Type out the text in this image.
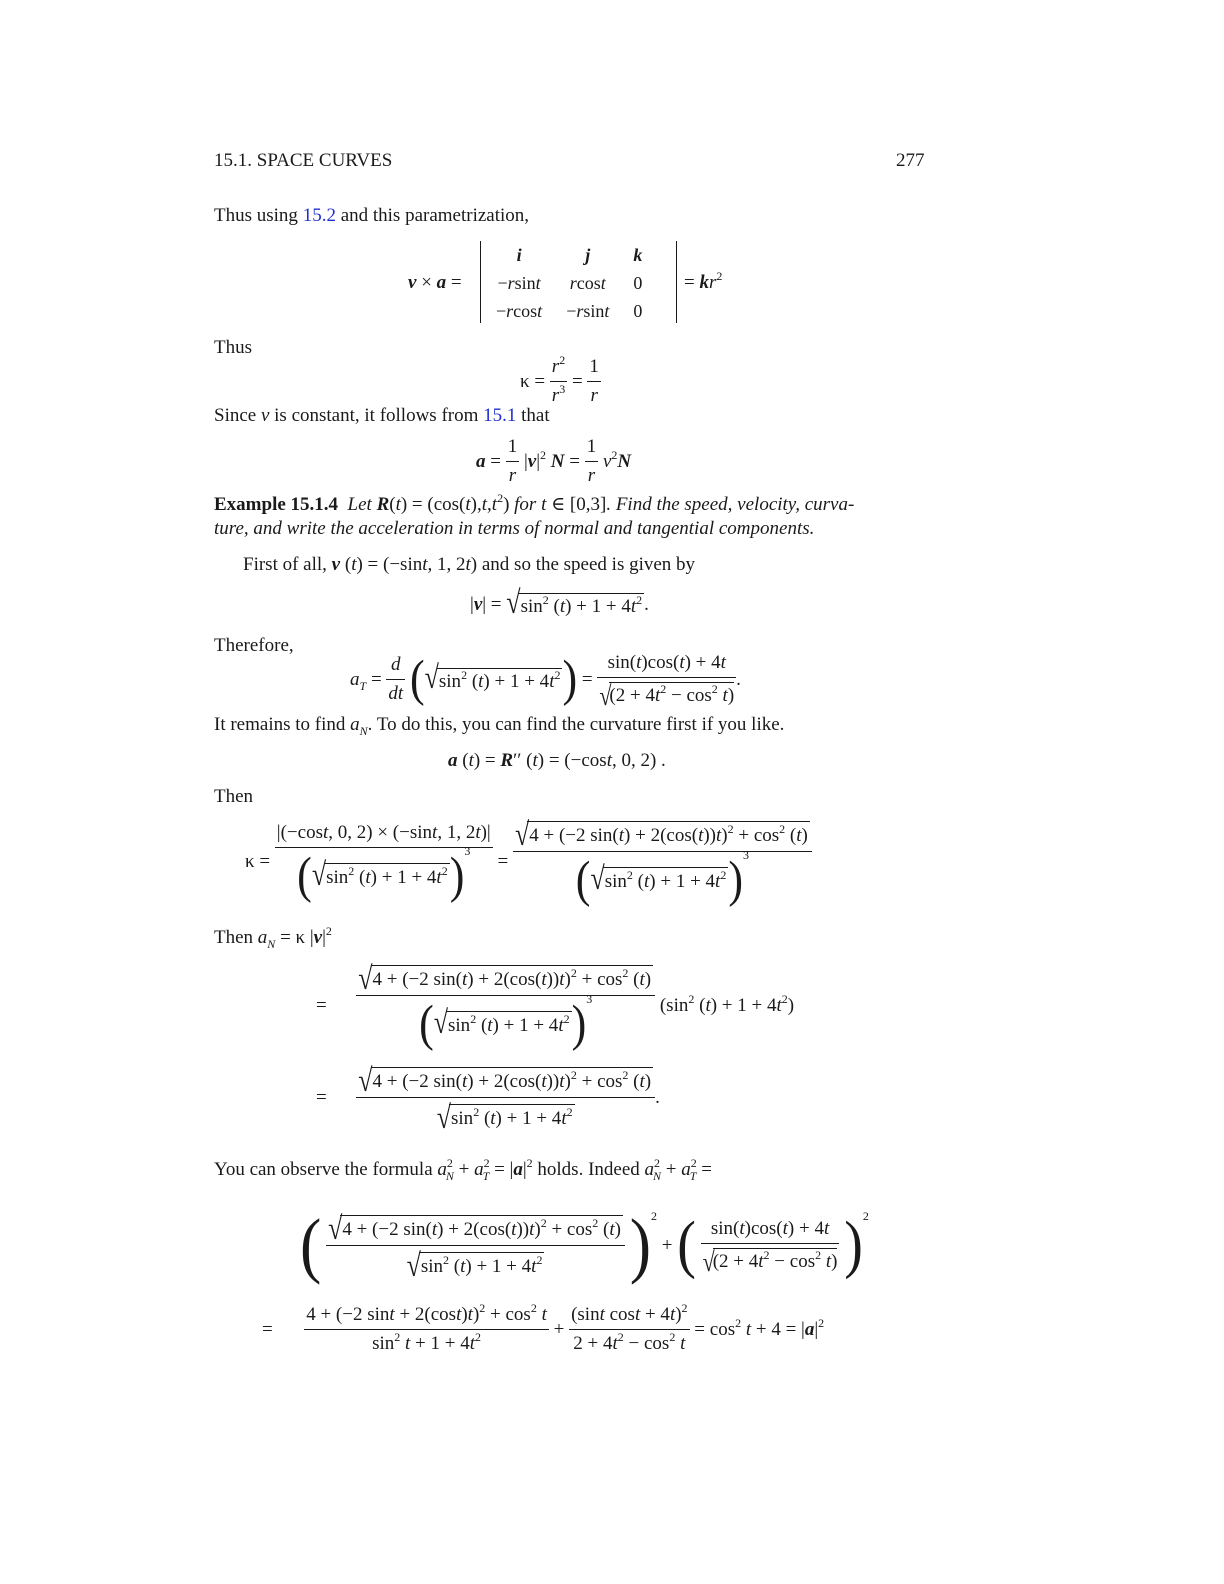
15.1. SPACE CURVES	277
Thus using 15.2 and this parametrization,
v × a =
i	j	k
−rsint	rcost	0
−rcost	−rsint	0
= $kr^2$
Thus
$\kappa = \frac{r^2}{r^3} = \frac{1}{r}$
Since v is constant, it follows from 15.1 that
$a = \frac{1}{r} |v|^2$ $N = \frac{1}{r} v^2N$
Example 15.1.4  Let $R(t) = (\cos(t),t,t^2)$ for t ∈ [0,3]. Find the speed, velocity, curva-
ture, and write the acceleration in terms of normal and tangential components.
First of all, v (t) = (−sint, 1, 2t) and so the speed is given by
$|v| = √\sin^2$ $(t) + 1 + 4t^2$ .
Therefore,
$a_T = \frac{d}{dt} (√\sin^2$ $(t) + 1 + 4t^2) = \frac{\sin(t)\cos(t) + 4t}{√(2 + 4t^2 - \cos^2 t)}$ .
It remains to find $a_N$. To do this, you can find the curvature first if you like.
a (t) = R′′ (t) = (−cost, 0, 2) .
Then
$\kappa = \frac{|(-\cos t, 0, 2) \times (-\sin t, 1, 2t)|}{(√\sin^2 (t) + 1 + 4t^2)^3} = \frac{√4 + (-2 \sin(t) + 2(\cos(t))t)^2 + \cos^2 (t)}{(√\sin^2 (t) + 1 + 4t^2)^3}$
Then $a_N = \kappa$ $|v|^2$
= $\frac{√4 + (-2 \sin(t) + 2(\cos(t))t)^2 + \cos^2 (t)}{(√\sin^2 (t) + 1 + 4t^2)^3} (\sin^2$ $(t) + 1 + 4t^2$)
= $\frac{√4 + (-2 \sin(t) + 2(\cos(t))t)^2 + \cos^2 (t)}{√\sin^2 (t) + 1 + 4t^2}$ .
You can observe the formula $a^2_N + a^2_T = |a|^2$ holds. Indeed $a^2_N + a^2_T$ =
( $\frac{√4 + (-2 \sin(t) + 2(\cos(t))t)^2 + \cos^2 (t)}{√\sin^2 (t) + 1 + 4t^2} )^2$ + ( $\frac{\sin(t)\cos(t) + 4t}{√(2 + 4t^2 - \cos^2 t)} )^2$
= $\frac{4 + (-2 \sin t + 2(\cos t)t)^2 + \cos^2 t}{\sin^2 t + 1 + 4t^2} + \frac{(\sin t \cos t + 4t)^2}{2 + 4t^2 - \cos^2 t} = \cos^2 t + 4 = |a|^2$
